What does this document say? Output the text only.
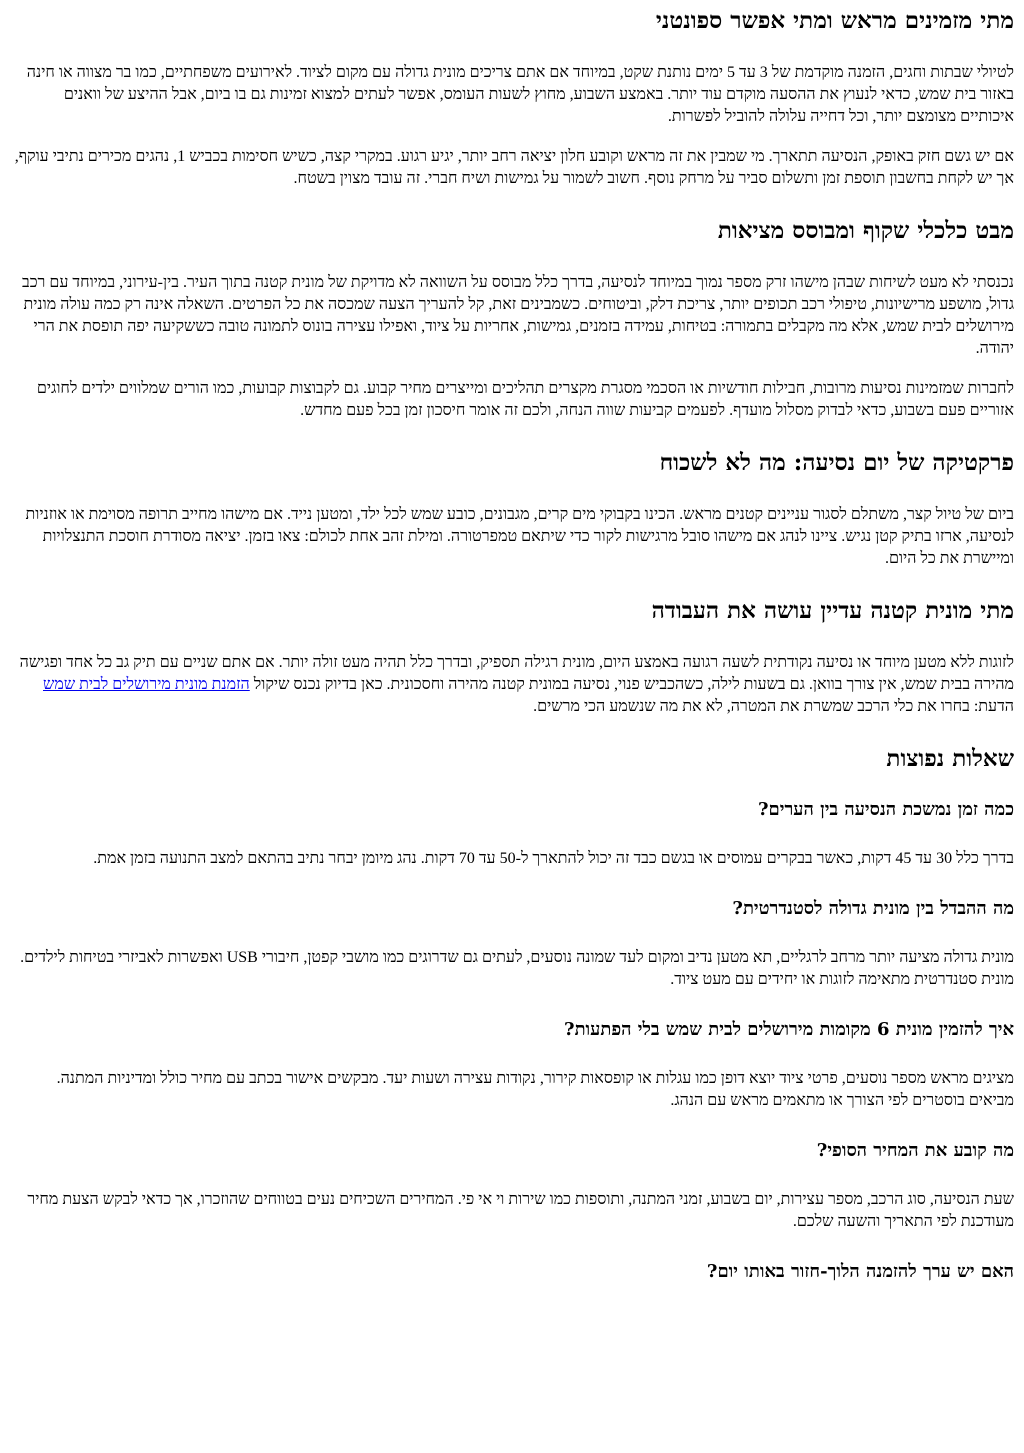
מתי מזמינים מראש ומתי אפשר ספונטני

לטיולי שבתות וחגים, הזמנה מוקדמת של 3 עד 5 ימים נותנת שקט, במיוחד אם אתם צריכים מונית גדולה עם מקום לציוד. לאירועים משפחתיים, כמו בר מצווה או חינה באזור בית שמש, כדאי לנעוץ את ההסעה מוקדם עוד יותר. באמצע השבוע, מחוץ לשעות העומס, אפשר לעתים למצוא זמינות גם בו ביום, אבל ההיצע של וואנים איכותיים מצומצם יותר, וכל דחייה עלולה להוביל לפשרות.

אם יש גשם חזק באופק, הנסיעה תתארך. מי שמבין את זה מראש וקובע חלון יציאה רחב יותר, יגיע רגוע. במקרי קצה, כשיש חסימות בכביש 1, נהגים מכירים נתיבי עוקף, אך יש לקחת בחשבון תוספת זמן ותשלום סביר על מרחק נוסף. חשוב לשמור על גמישות ושיח חברי. זה עובד מצוין בשטח.

מבט כלכלי שקוף ומבוסס מציאות

נכנסתי לא מעט לשיחות שבהן מישהו זרק מספר נמוך במיוחד לנסיעה, בדרך כלל מבוסס על השוואה לא מדויקת של מונית קטנה בתוך העיר. בין-עירוני, במיוחד עם רכב גדול, מושפע מרישיונות, טיפולי רכב תכופים יותר, צריכת דלק, וביטוחים. כשמבינים זאת, קל להעריך הצעה שמכסה את כל הפרטים. השאלה אינה רק כמה עולה מונית מירושלים לבית שמש, אלא מה מקבלים בתמורה: בטיחות, עמידה בזמנים, גמישות, אחריות על ציוד, ואפילו עצירה בונוס לתמונה טובה כששקיעה יפה תופסת את הרי יהודה.

לחברות שמזמינות נסיעות מרובות, חבילות חודשיות או הסכמי מסגרת מקצרים תהליכים ומייצרים מחיר קבוע. גם לקבוצות קבועות, כמו הורים שמלווים ילדים לחוגים אזוריים פעם בשבוע, כדאי לבדוק מסלול מועדף. לפעמים קביעות שווה הנחה, ולכם זה אומר חיסכון זמן בכל פעם מחדש.

פרקטיקה של יום נסיעה: מה לא לשכוח

ביום של טיול קצר, משתלם לסגור עניינים קטנים מראש. הכינו בקבוקי מים קרים, מגבונים, כובע שמש לכל ילד, ומטען נייד. אם מישהו מחייב תרופה מסוימת או אוזניות לנסיעה, ארזו בתיק קטן נגיש. ציינו לנהג אם מישהו סובל מרגישות לקור כדי שיתאם טמפרטורה. ומילת זהב אחת לכולם: צאו בזמן. יציאה מסודרת חוסכת התנצלויות ומיישרת את כל היום.

מתי מונית קטנה עדיין עושה את העבודה

לזוגות ללא מטען מיוחד או נסיעה נקודתית לשעה רגועה באמצע היום, מונית רגילה תספיק, ובדרך כלל תהיה מעט זולה יותר. אם אתם שניים עם תיק גב כל אחד ופגישה מהירה בבית שמש, אין צורך בוואן. גם בשעות לילה, כשהכביש פנוי, נסיעה במונית קטנה מהירה וחסכונית. כאן בדיוק נכנס שיקול הזמנת מונית מירושלים לבית שמש הדעת: בחרו את כלי הרכב שמשרת את המטרה, לא את מה שנשמע הכי מרשים.

שאלות נפוצות
כמה זמן נמשכת הנסיעה בין הערים?

בדרך כלל 30 עד 45 דקות, כאשר בבקרים עמוסים או בגשם כבד זה יכול להתארך ל-50 עד 70 דקות. נהג מיומן יבחר נתיב בהתאם למצב התנועה בזמן אמת.

מה ההבדל בין מונית גדולה לסטנדרטית?

מונית גדולה מציעה יותר מרחב לרגליים, תא מטען נדיב ומקום לעד שמונה נוסעים, לעתים גם שדרוגים כמו מושבי קפטן, חיבורי USB ואפשרות לאביזרי בטיחות לילדים. מונית סטנדרטית מתאימה לזוגות או יחידים עם מעט ציוד.

איך להזמין מונית 6 מקומות מירושלים לבית שמש בלי הפתעות?

מציגים מראש מספר נוסעים, פרטי ציוד יוצא דופן כמו עגלות או קופסאות קירור, נקודות עצירה ושעות יעד. מבקשים אישור בכתב עם מחיר כולל ומדיניות המתנה. מביאים בוסטרים לפי הצורך או מתאמים מראש עם הנהג.

מה קובע את המחיר הסופי?

שעת הנסיעה, סוג הרכב, מספר עצירות, יום בשבוע, זמני המתנה, ותוספות כמו שירות וי אי פי. המחירים השכיחים נעים בטווחים שהוזכרו, אך כדאי לבקש הצעת מחיר מעודכנת לפי התאריך והשעה שלכם.

האם יש ערך להזמנה הלוך-חזור באותו יום?
